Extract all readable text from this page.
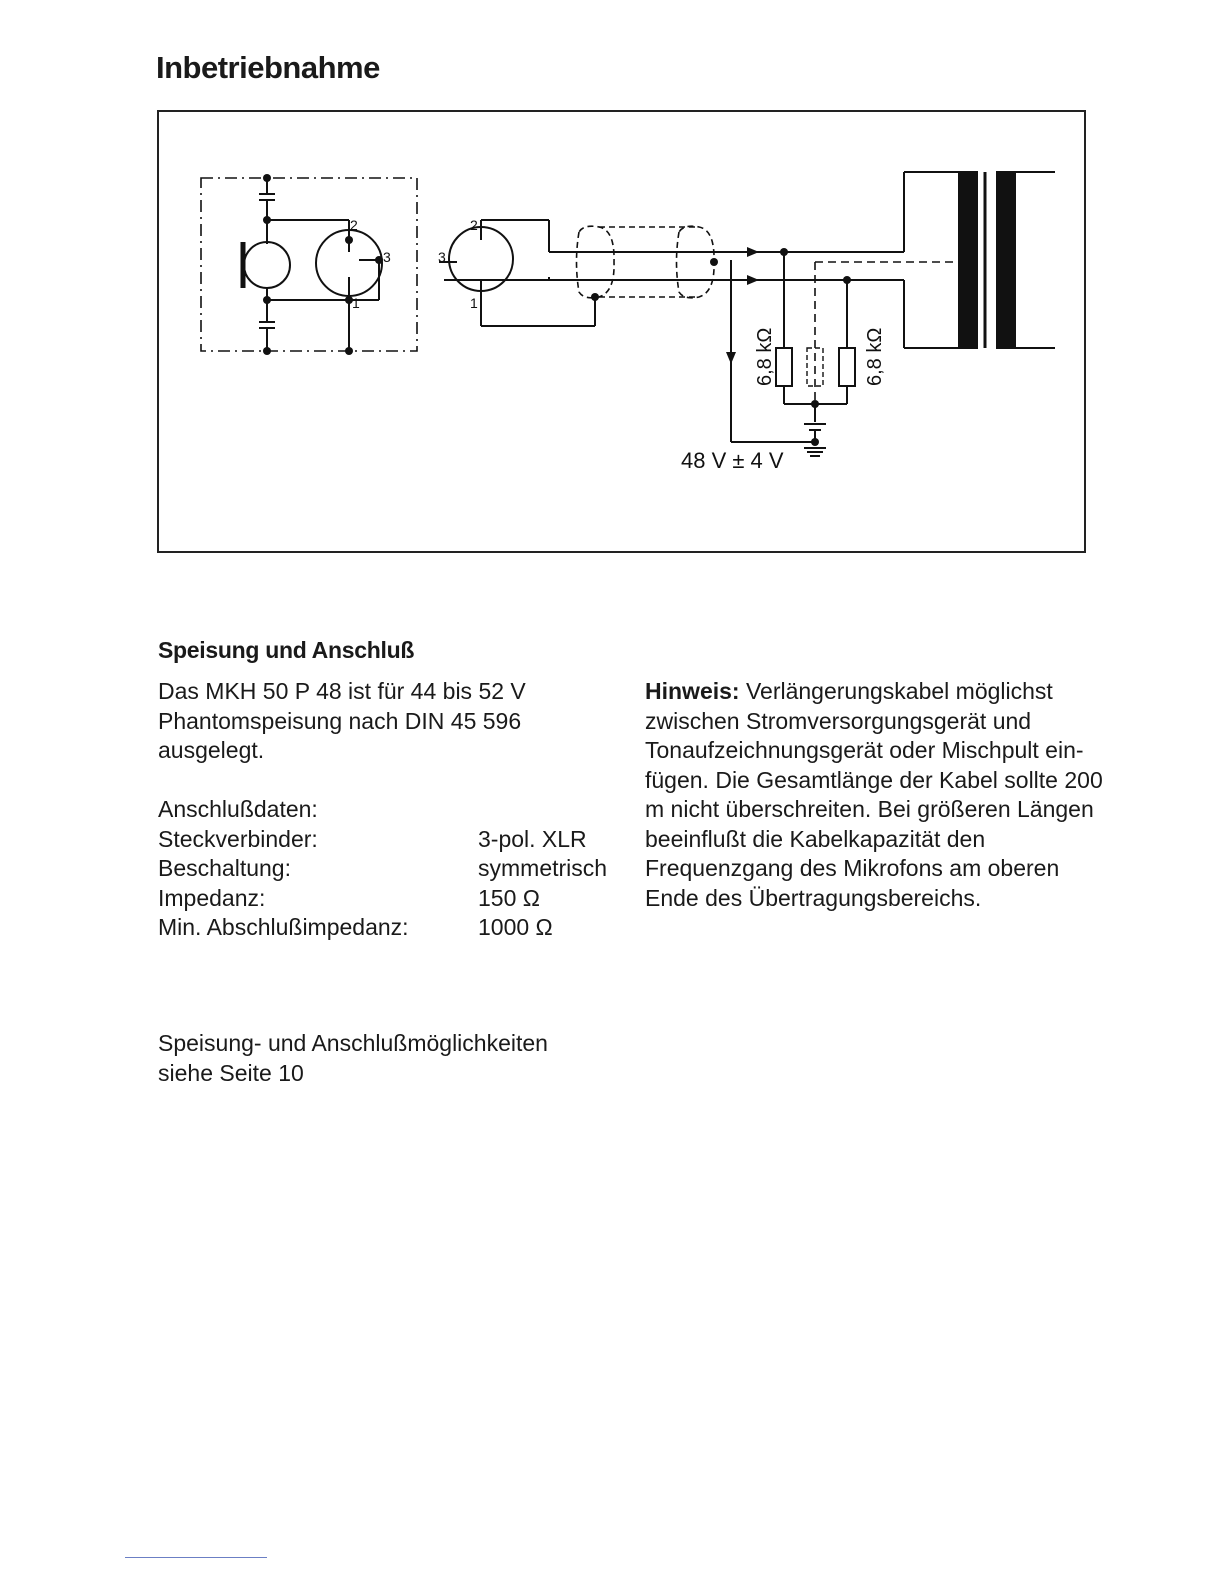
Inbetriebnahme
2
3
1
2
3
1
6,8 kΩ	6,8 kΩ
48 V ± 4 V
Speisung und Anschluß

Das MKH 50 P 48 ist für 44 bis 52 V Phantomspeisung nach DIN 45 596 ausgelegt.

Anschlußdaten:
Steckverbinder:	3-pol. XLR
Beschaltung:	symmetrisch
Impedanz:	150 Ω
Min. Abschlußimpedanz:	1000 Ω

Hinweis: Verlängerungskabel möglichst zwischen Stromversorgungsgerät und Tonaufzeichnungsgerät oder Mischpult einfügen. Die Gesamtlänge der Kabel sollte 200 m nicht überschreiten. Bei größeren Längen beeinflußt die Kabelkapazität den Frequenzgang des Mikrofons am oberen Ende des Übertragungsbereichs.

Speisung- und Anschlußmöglichkeiten siehe Seite 10
